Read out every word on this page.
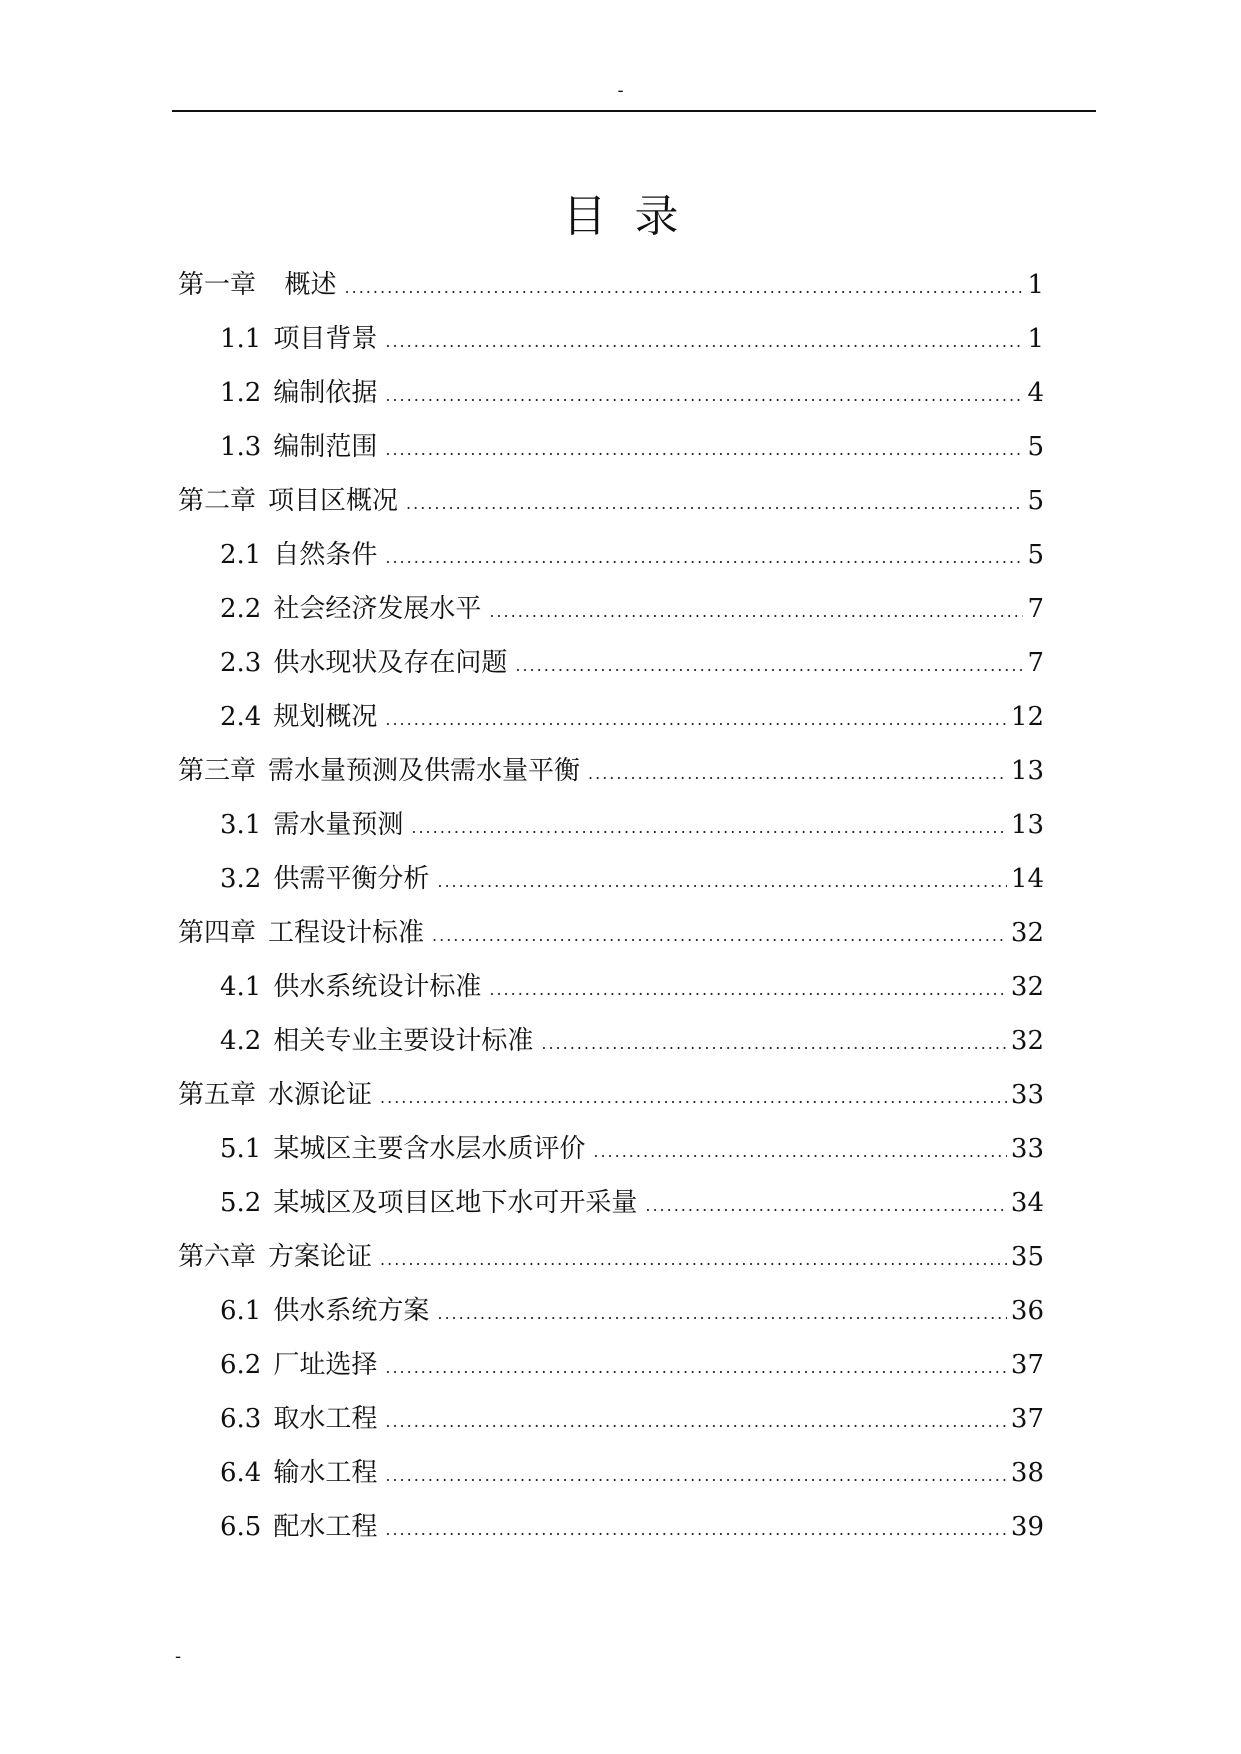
-
目录
第一章 概述 .....	1
1.1 项目背景 .....	1
1.2 编制依据 .....	4
1.3 编制范围 .....	5
第二章 项目区概况 .....	5
2.1 自然条件 .....	5
2.2 社会经济发展水平 .....	7
2.3 供水现状及存在问题 .....	7
2.4 规划概况 .....	12
第三章 需水量预测及供需水量平衡 .....	13
3.1 需水量预测 .....	13
3.2 供需平衡分析 .....	14
第四章 工程设计标准 .....	32
4.1 供水系统设计标准 .....	32
4.2 相关专业主要设计标准 .....	32
第五章 水源论证 .....	33
5.1 某城区主要含水层水质评价 .....	33
5.2 某城区及项目区地下水可开采量 .....	34
第六章 方案论证 .....	35
6.1 供水系统方案 .....	36
6.2 厂址选择 .....	37
6.3 取水工程 .....	37
6.4 输水工程 .....	38
6.5 配水工程 .....	39
-
